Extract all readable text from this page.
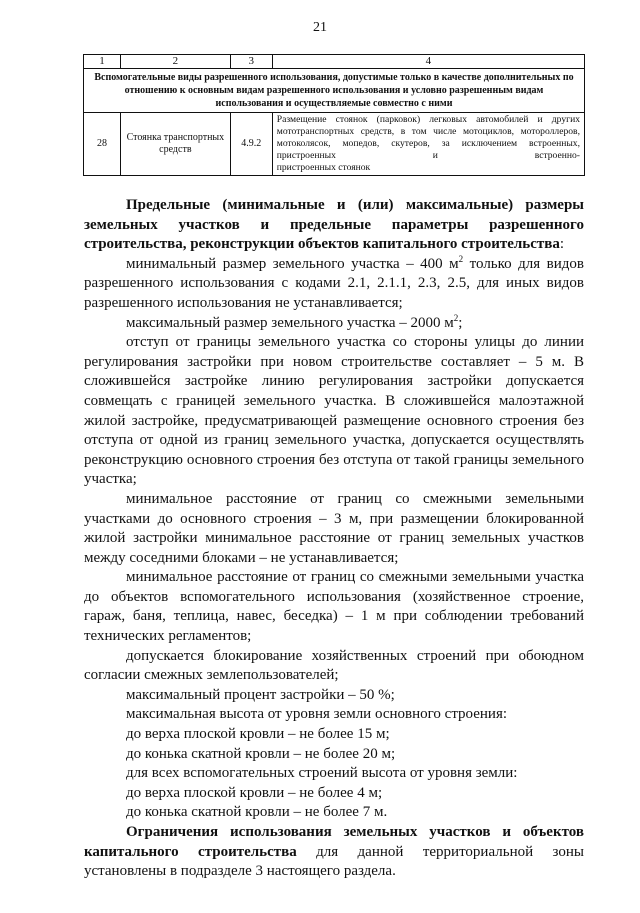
21
1	2	3	4
Вспомогательные виды разрешенного использования, допустимые только в качестве дополнительных по отношению к основным видам разрешенного использования и условно разрешенным видам использования и осуществляемые совместно с ними			
28	Стоянка транспортных средств	4.9.2	Размещение стоянок (парковок) легковых автомобилей и других мототранспортных средств, в том числе мотоциклов, мотороллеров, мотоколясок, мопедов, скутеров, за исключением встроенных, пристроенных и встроенно-
пристроенных стоянок

Предельные (минимальные и (или) максимальные) размеры земельных участков и предельные параметры разрешенного строительства, реконструкции объектов капитального строительства:

минимальный размер земельного участка – 400 $м^2$ только для видов разрешенного использования с кодами 2.1, 2.1.1, 2.3, 2.5, для иных видов разрешенного использования не устанавливается;

максимальный размер земельного участка – 2000 $м^2$;

отступ от границы земельного участка со стороны улицы до линии регулирования застройки при новом строительстве составляет – 5 м. В сложившейся застройке линию регулирования застройки допускается совмещать с границей земельного участка. В сложившейся малоэтажной жилой застройке, предусматривающей размещение основного строения без отступа от одной из границ земельного участка, допускается осуществлять реконструкцию основного строения без отступа от такой границы земельного участка;

минимальное расстояние от границ со смежными земельными участками до основного строения – 3 м, при размещении блокированной жилой застройки минимальное расстояние от границ земельных участков между соседними блоками – не устанавливается;

минимальное расстояние от границ со смежными земельными участка до объектов вспомогательного использования (хозяйственное строение, гараж, баня, теплица, навес, беседка) – 1 м при соблюдении требований технических регламентов;

допускается блокирование хозяйственных строений при обоюдном согласии смежных землепользователей;

максимальный процент застройки – 50 %;

максимальная высота от уровня земли основного строения:

до верха плоской кровли – не более 15 м;

до конька скатной кровли – не более 20 м;

для всех вспомогательных строений высота от уровня земли:

до верха плоской кровли – не более 4 м;

до конька скатной кровли – не более 7 м.

Ограничения использования земельных участков и объектов капитального строительства для данной территориальной зоны установлены в подразделе 3 настоящего раздела.
